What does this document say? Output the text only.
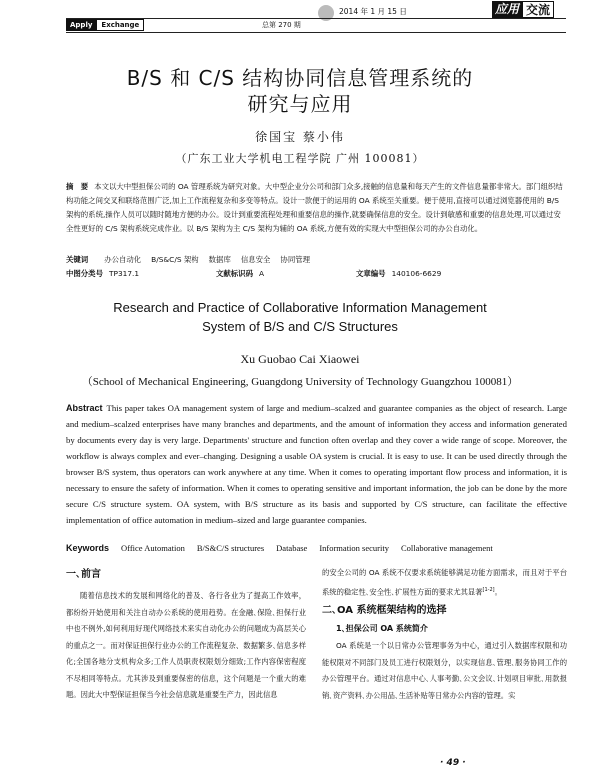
2014 年 1 月 15 日	应用 交流
Apply	Exchange	总第 270 期
B/S 和 C/S 结构协同信息管理系统的
研究与应用
徐国宝 蔡小伟
（广东工业大学机电工程学院 广州 100081）
摘　要 本文以大中型担保公司的 OA 管理系统为研究对象。大中型企业分公司和部门众多,接触的信息量和每天产生的文件信息量都非常大。部门组织结构功能之间交叉和联络范围广泛,加上工作流程复杂和多变等特点。设计一款便于的运用的 OA 系统至关重要。便于使用,直接可以通过浏览器使用的 B/S 架构的系统,操作人员可以随时随地方便的办公。设计到重要流程处理和重要信息的操作,就要确保信息的安全。设计到敏感和重要的信息处理,可以通过安全性更好的 C/S 架构系统完成作业。以 B/S 架构为主 C/S 架构为辅的 OA 系统,方便有效的实现大中型担保公司的办公自动化。
关键词 办公自动化 B/S&C/S 架构 数据库 信息安全 协同管理
中图分类号 TP317.1	文献标识码 A	文章编号 140106-6629
Research and Practice of Collaborative Information Management
System of B/S and C/S Structures
Xu Guobao Cai Xiaowei
（School of Mechanical Engineering, Guangdong University of Technology Guangzhou 100081）
Abstract This paper takes OA management system of large and medium–scalzed and guarantee companies as the object of research. Large and medium–scalzed enterprises have many branches and departments, and the amount of information they access and information generated by documents every day is very large. Departments' structure and function often overlap and they cover a wide range of scope. Moreover, the workflow is always complex and ever–changing. Designing a usable OA system is crucial. It is easy to use. It can be used directly through the browser B/S system, thus operators can work anywhere at any time. When it comes to operating important flow process and information, it is necessary to ensure the safety of information. When it comes to operating sensitive and important information, the job can be done by the more secure C/S structure system. OA system, with B/S structure as its basis and supported by C/S structure, can facilitate the effective implementation of office automation in medium–sized and large guarantee companies.
Keywords Office Automation B/S&C/S structures Database Information security Collaborative management
一､前言
随着信息技术的发展和网络化的普及、各行各业为了提高工作效率，都纷纷开始使用和关注自动办公系统的使用趋势。在金融､保险､担保行业中也不例外,如何利用好现代网络技术来实自动化办公的问题成为高层关心的重点之一。而对保证担保行业办公的工作流程复杂、数据繁多､信息多样化;全国各地分支机构众多;工作人员职责权限划分细致;工作内容保密程度不尽相同等特点。尤其涉及到重要保密的信息，这个问题是一个重大的难题。因此大中型保证担保当今社会信息就是重要生产力，因此信息
的安全公司的 OA 系统不仅要求系统能够满足功能方面需求，而且对于平台系统的稳定性､安全性､扩展性方面的要求尤其显著[1-2]。
二､OA 系统框架结构的选择
1､担保公司 OA 系统简介
OA 系统是一个以日常办公管理事务为中心，通过引入数据库权限和功能权限对不同部门及员工进行权限划分，以实现信息､管理､服务协同工作的办公管理平台。通过对信息中心､人事考勤､公文会议､计划项目审批､用款报销､资产资料､办公用品､生活补贴等日常办公内容的管理。实
· 49 ·
